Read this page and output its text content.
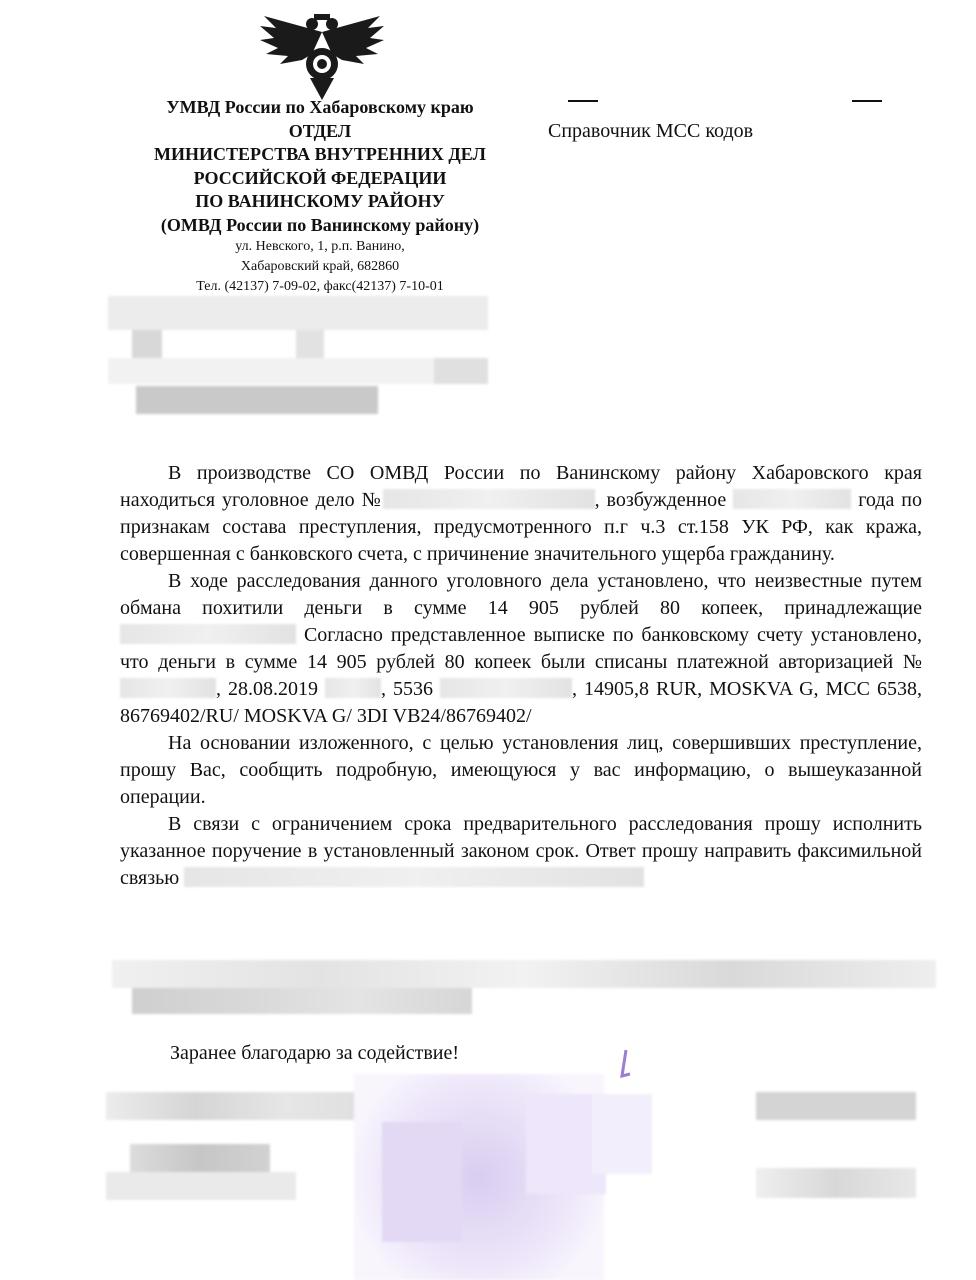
УМВД России по Хабаровскому краю
ОТДЕЛ
МИНИСТЕРСТВА ВНУТРЕННИХ ДЕЛ
РОССИЙСКОЙ ФЕДЕРАЦИИ
ПО ВАНИНСКОМУ РАЙОНУ
(ОМВД России по Ванинскому району)
ул. Невского, 1, р.п. Ванино,
Хабаровский край, 682860
Тел. (42137) 7-09-02, факс(42137) 7-10-01
Справочник МСС кодов

В производстве СО ОМВД России по Ванинскому району Хабаровского края находиться уголовное дело №	, возбужденное	года по признакам состава преступления, предусмотренного п.г ч.3 ст.158 УК РФ, как кража, совершенная с банковского счета, с причинение значительного ущерба гражданину.

В ходе расследования данного уголовного дела установлено, что неизвестные путем обмана похитили деньги в сумме 14 905 рублей 80 копеек, принадлежащие  Согласно представленное выписке по банковскому счету установлено, что деньги в сумме 14 905 рублей 80 копеек были списаны платежной авторизацией №, 28.08.2019	, 5536	, 14905,8 RUR, MOSKVA G, MCC 6538, 86769402/RU/ MOSKVA G/ 3DI VB24/86769402/

На основании изложенного, с целью установления лиц, совершивших преступление, прошу Вас, сообщить подробную, имеющуюся у вас информацию, о вышеуказанной операции.

В связи с ограничением срока предварительного расследования прошу исполнить указанное поручение в установленный законом срок. Ответ прошу направить факсимильной связью

Заранее благодарю за содействие!
